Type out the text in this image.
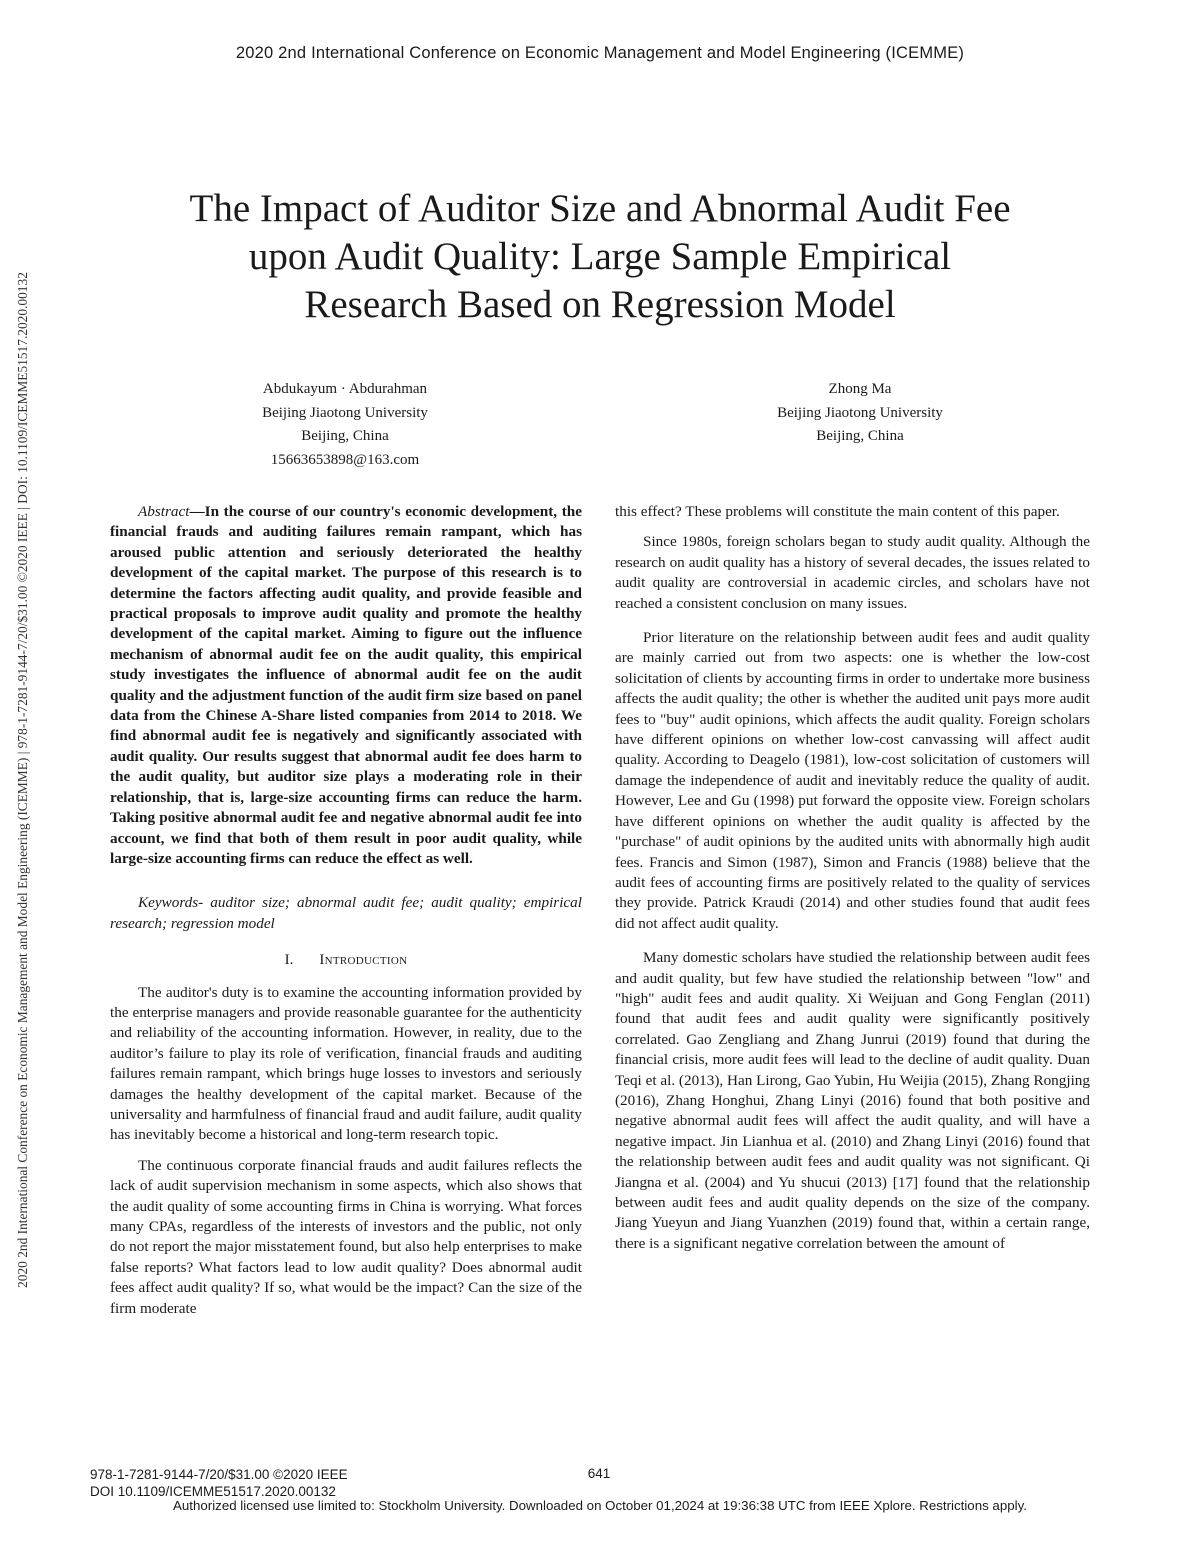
2020 2nd International Conference on Economic Management and Model Engineering (ICEMME)
2020 2nd International Conference on Economic Management and Model Engineering (ICEMME) | 978-1-7281-9144-7/20/$31.00 ©2020 IEEE | DOI: 10.1109/ICEMME51517.2020.00132
The Impact of Auditor Size and Abnormal Audit Fee
upon Audit Quality: Large Sample Empirical
Research Based on Regression Model
Abdukayum · Abdurahman
Beijing Jiaotong University
Beijing, China
15663653898@163.com
Zhong Ma
Beijing Jiaotong University
Beijing, China

Abstract—In the course of our country's economic development, the financial frauds and auditing failures remain rampant, which has aroused public attention and seriously deteriorated the healthy development of the capital market. The purpose of this research is to determine the factors affecting audit quality, and provide feasible and practical proposals to improve audit quality and promote the healthy development of the capital market. Aiming to figure out the influence mechanism of abnormal audit fee on the audit quality, this empirical study investigates the influence of abnormal audit fee on the audit quality and the adjustment function of the audit firm size based on panel data from the Chinese A-Share listed companies from 2014 to 2018. We find abnormal audit fee is negatively and significantly associated with audit quality. Our results suggest that abnormal audit fee does harm to the audit quality, but auditor size plays a moderating role in their relationship, that is, large-size accounting firms can reduce the harm. Taking positive abnormal audit fee and negative abnormal audit fee into account, we find that both of them result in poor audit quality, while large-size accounting firms can reduce the effect as well.

Keywords- auditor size; abnormal audit fee; audit quality; empirical research; regression model

I. Introduction

The auditor's duty is to examine the accounting information provided by the enterprise managers and provide reasonable guarantee for the authenticity and reliability of the accounting information. However, in reality, due to the auditor’s failure to play its role of verification, financial frauds and auditing failures remain rampant, which brings huge losses to investors and seriously damages the healthy development of the capital market. Because of the universality and harmfulness of financial fraud and audit failure, audit quality has inevitably become a historical and long-term research topic.

The continuous corporate financial frauds and audit failures reflects the lack of audit supervision mechanism in some aspects, which also shows that the audit quality of some accounting firms in China is worrying. What forces many CPAs, regardless of the interests of investors and the public, not only do not report the major misstatement found, but also help enterprises to make false reports? What factors lead to low audit quality? Does abnormal audit fees affect audit quality? If so, what would be the impact? Can the size of the firm moderate

this effect? These problems will constitute the main content of this paper.

Since 1980s, foreign scholars began to study audit quality. Although the research on audit quality has a history of several decades, the issues related to audit quality are controversial in academic circles, and scholars have not reached a consistent conclusion on many issues.

Prior literature on the relationship between audit fees and audit quality are mainly carried out from two aspects: one is whether the low-cost solicitation of clients by accounting firms in order to undertake more business affects the audit quality; the other is whether the audited unit pays more audit fees to "buy" audit opinions, which affects the audit quality. Foreign scholars have different opinions on whether low-cost canvassing will affect audit quality. According to Deagelo (1981), low-cost solicitation of customers will damage the independence of audit and inevitably reduce the quality of audit. However, Lee and Gu (1998) put forward the opposite view. Foreign scholars have different opinions on whether the audit quality is affected by the "purchase" of audit opinions by the audited units with abnormally high audit fees. Francis and Simon (1987), Simon and Francis (1988) believe that the audit fees of accounting firms are positively related to the quality of services they provide. Patrick Kraudi (2014) and other studies found that audit fees did not affect audit quality.

Many domestic scholars have studied the relationship between audit fees and audit quality, but few have studied the relationship between "low" and "high" audit fees and audit quality. Xi Weijuan and Gong Fenglan (2011) found that audit fees and audit quality were significantly positively correlated. Gao Zengliang and Zhang Junrui (2019) found that during the financial crisis, more audit fees will lead to the decline of audit quality. Duan Teqi et al. (2013), Han Lirong, Gao Yubin, Hu Weijia (2015), Zhang Rongjing (2016), Zhang Honghui, Zhang Linyi (2016) found that both positive and negative abnormal audit fees will affect the audit quality, and will have a negative impact. Jin Lianhua et al. (2010) and Zhang Linyi (2016) found that the relationship between audit fees and audit quality was not significant. Qi Jiangna et al. (2004) and Yu shucui (2013) [17] found that the relationship between audit fees and audit quality depends on the size of the company. Jiang Yueyun and Jiang Yuanzhen (2019) found that, within a certain range, there is a significant negative correlation between the amount of

978-1-7281-9144-7/20/$31.00 ©2020 IEEE
DOI 10.1109/ICEMME51517.2020.00132
641
Authorized licensed use limited to: Stockholm University. Downloaded on October 01,2024 at 19:36:38 UTC from IEEE Xplore. Restrictions apply.
